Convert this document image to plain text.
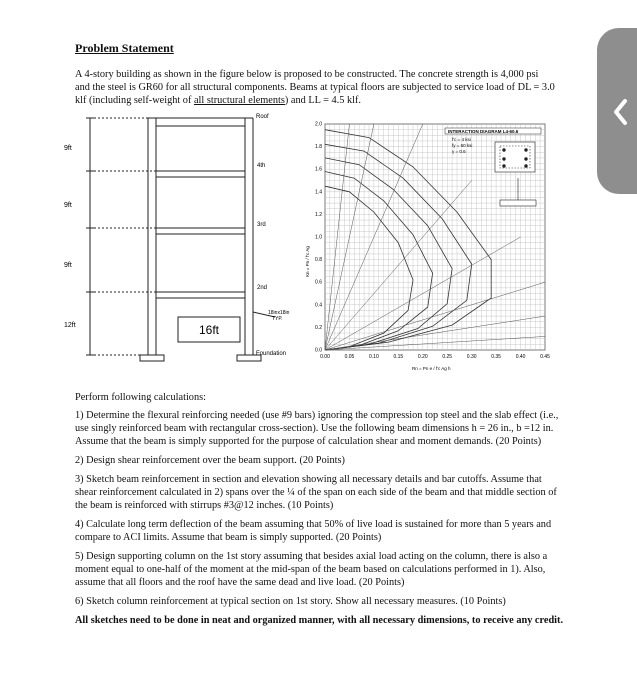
Problem Statement
A 4-story building as shown in the figure below is proposed to be constructed. The concrete strength is 4,000 psi and the steel is GR60 for all structural components. Beams at typical floors are subjected to service load of DL = 3.0 klf (including self-weight of all structural elements) and LL = 4.5 klf.
16ft
9ft
9ft
9ft
12ft
Roof
4th
3rd
2nd
Foundation
18inx18in
TYP.
0.0
0.2
0.4
0.6
0.8
1.0
1.2
1.4
1.6
1.8
2.0
0.00	0.05	0.10	0.15	0.20	0.25	0.30	0.35	0.40	0.45
INTERACTION DIAGRAM L4-60.6
f′c = 4 ksi
fy = 60 ksi
γ = 0.6
Kn = Pn / f′c Ag
Rn = Pn e / f′c Ag h

Perform following calculations:

1) Determine the flexural reinforcing needed (use #9 bars) ignoring the compression top steel and the slab effect (i.e., use singly reinforced beam with rectangular cross-section). Use the following beam dimensions h = 26 in., b =12 in. Assume that the beam is simply supported for the purpose of calculation shear and moment demands. (20 Points)

2) Design shear reinforcement over the beam support. (20 Points)

3) Sketch beam reinforcement in section and elevation showing all necessary details and bar cutoffs. Assume that shear reinforcement calculated in 2) spans over the ¼ of the span on each side of the beam and that middle section of the beam is reinforced with stirrups #3@12 inches. (10 Points)

4) Calculate long term deflection of the beam assuming that 50% of live load is sustained for more than 5 years and compare to ACI limits. Assume that beam is simply supported. (20 Points)

5) Design supporting column on the 1st story assuming that besides axial load acting on the column, there is also a moment equal to one-half of the moment at the mid-span of the beam based on calculations performed in 1). Also, assume that all floors and the roof have the same dead and live load. (20 Points)

6) Sketch column reinforcement at typical section on 1st story. Show all necessary measures. (10 Points)

All sketches need to be done in neat and organized manner, with all necessary dimensions, to receive any credit.
